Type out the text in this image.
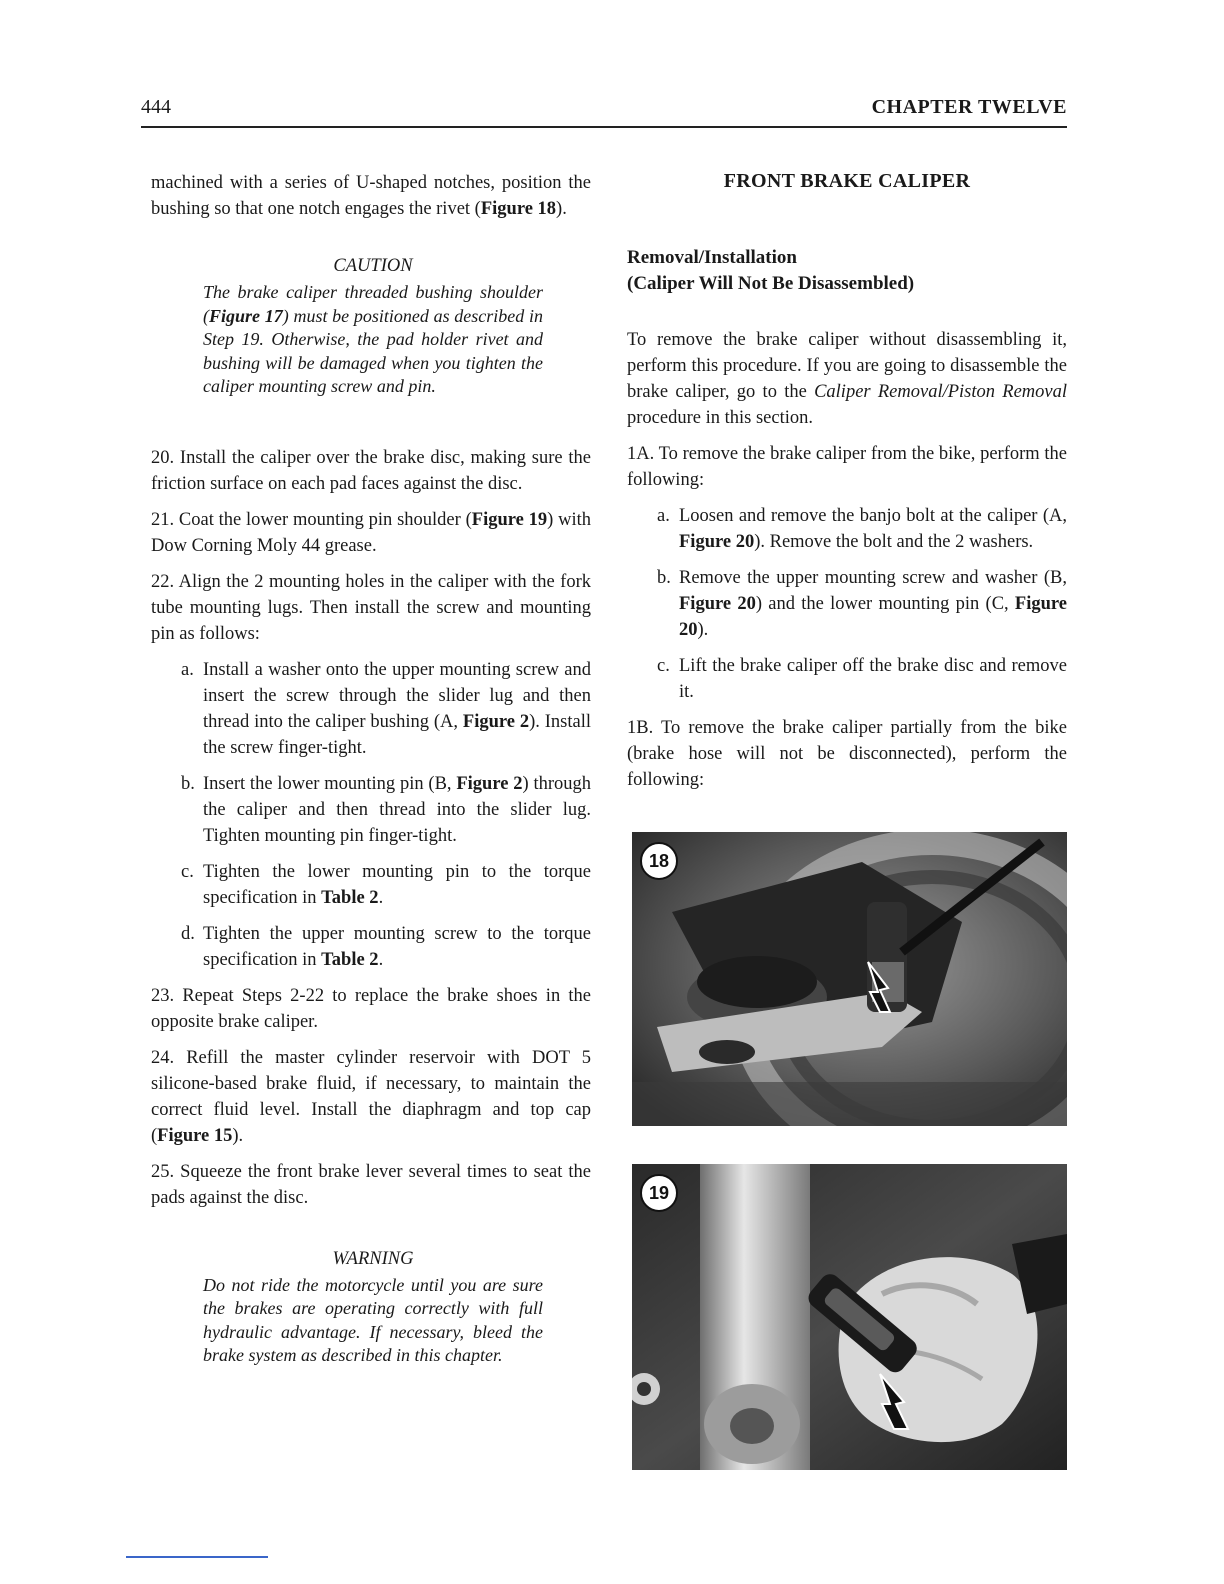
444	CHAPTER TWELVE

machined with a series of U-shaped notches, position the bushing so that one notch engages the rivet (Figure 18).

CAUTION

The brake caliper threaded bushing shoulder (Figure 17) must be positioned as described in Step 19. Otherwise, the pad holder rivet and bushing will be damaged when you tighten the caliper mounting screw and pin.

20. Install the caliper over the brake disc, making sure the friction surface on each pad faces against the disc.

21. Coat the lower mounting pin shoulder (Figure 19) with Dow Corning Moly 44 grease.

22. Align the 2 mounting holes in the caliper with the fork tube mounting lugs. Then install the screw and mounting pin as follows:

a. Install a washer onto the upper mounting screw and insert the screw through the slider lug and then thread into the caliper bushing (A, Figure 2). Install the screw finger-tight.

b. Insert the lower mounting pin (B, Figure 2) through the caliper and then thread into the slider lug. Tighten mounting pin finger-tight.

c. Tighten the lower mounting pin to the torque specification in Table 2.

d. Tighten the upper mounting screw to the torque specification in Table 2.

23. Repeat Steps 2-22 to replace the brake shoes in the opposite brake caliper.

24. Refill the master cylinder reservoir with DOT 5 silicone-based brake fluid, if necessary, to maintain the correct fluid level. Install the diaphragm and top cap (Figure 15).

25. Squeeze the front brake lever several times to seat the pads against the disc.

WARNING

Do not ride the motorcycle until you are sure the brakes are operating correctly with full hydraulic advantage. If necessary, bleed the brake system as described in this chapter.

FRONT BRAKE CALIPER

Removal/Installation

(Caliper Will Not Be Disassembled)

To remove the brake caliper without disassembling it, perform this procedure. If you are going to disassemble the brake caliper, go to the Caliper Removal/Piston Removal procedure in this section.

1A. To remove the brake caliper from the bike, perform the following:

a. Loosen and remove the banjo bolt at the caliper (A, Figure 20). Remove the bolt and the 2 washers.

b. Remove the upper mounting screw and washer (B, Figure 20) and the lower mounting pin (C, Figure 20).

c. Lift the brake caliper off the brake disc and remove it.

1B. To remove the brake caliper partially from the bike (brake hose will not be disconnected), perform the following:

18
19
